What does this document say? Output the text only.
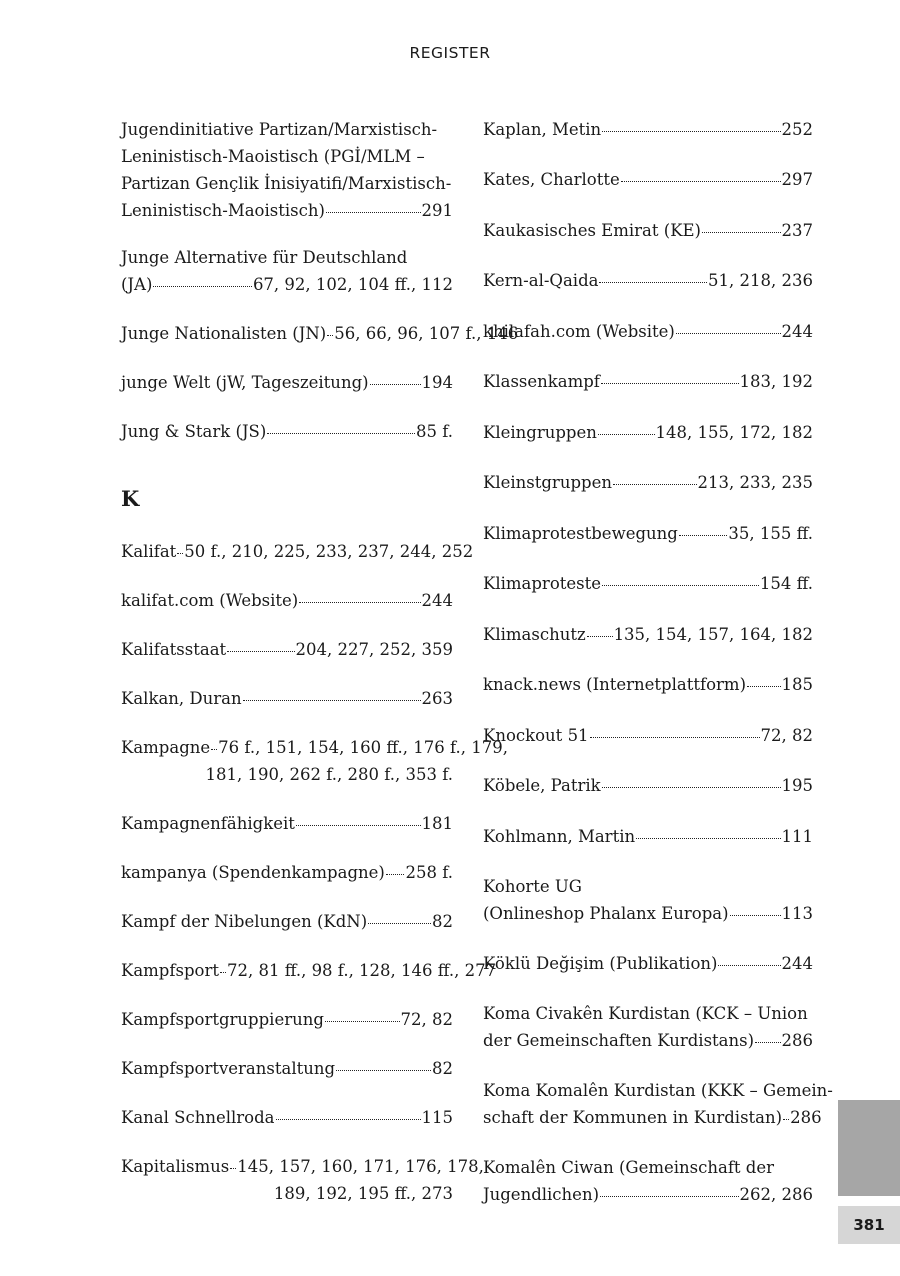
REGISTER
Jugendinitiative Partizan/Marxistisch-
Leninistisch-Maoistisch (PGİ/MLM –
Partizan Gençlik İnisiyatifi/Marxistisch-
Leninistisch-Maoistisch)	291
Junge Alternative für Deutschland
(JA)	67, 92, 102, 104 ff., 112
Junge Nationalisten (JN) 56, 66, 96, 107 f., 146
junge Welt (jW, Tageszeitung)	194
Jung & Stark (JS)	85 f.
Kalifat 50 f., 210, 225, 233, 237, 244, 252
kalifat.com (Website)	244
Kalifatsstaat	204, 227, 252, 359
Kalkan, Duran	263
Kampagne 76 f., 151, 154, 160 ff., 176 f., 179,
181, 190, 262 f., 280 f., 353 f.
Kampagnenfähigkeit	181
kampanya (Spendenkampagne) 258 f.
Kampf der Nibelungen (KdN)	82
Kampfsport 72, 81 ff., 98 f., 128, 146 ff., 277
Kampfsportgruppierung	72, 82
Kampfsportveranstaltung	82
Kanal Schnellroda	115
Kapitalismus 145, 157, 160, 171, 176, 178,
189, 192, 195 ff., 273
K
Kaplan, Metin	252
Kates, Charlotte	297
Kaukasisches Emirat (KE)	237
Kern-al-Qaida	51, 218, 236
khilafah.com (Website)	244
Klassenkampf	183, 192
Kleingruppen	148, 155, 172, 182
Kleinstgruppen	213, 233, 235
Klimaprotestbewegung	35, 155 ff.
Klimaproteste	154 ff.
Klimaschutz 135, 154, 157, 164, 182
knack.news (Internetplattform) 185
Knockout 51	72, 82
Köbele, Patrik	195
Kohlmann, Martin	111
Kohorte UG
(Onlineshop Phalanx Europa)	113
Köklü Değişim (Publikation)	244
Koma Civakên Kurdistan (KCK – Union
der Gemeinschaften Kurdistans) 286
Koma Komalên Kurdistan (KKK – Gemein-
schaft der Kommunen in Kurdistan) 286
Komalên Ciwan (Gemeinschaft der
Jugendlichen)	262, 286
381
